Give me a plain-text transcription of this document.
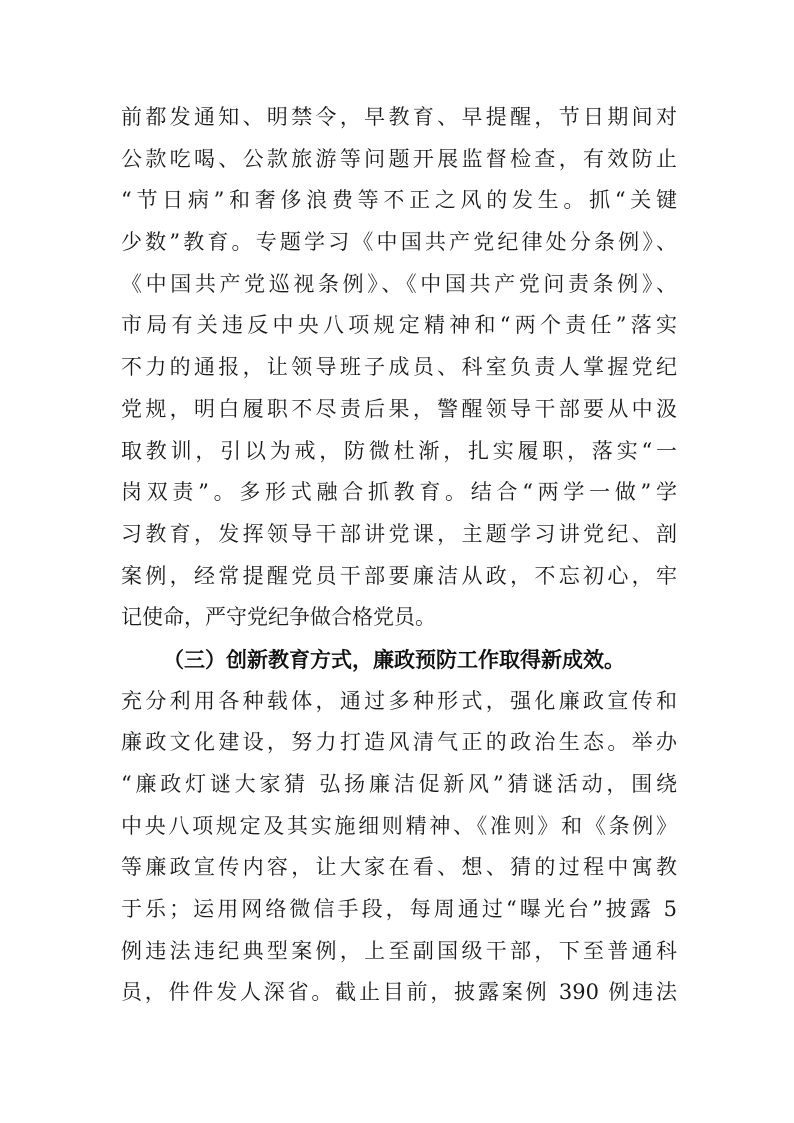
前都发通知、明禁令，早教育、早提醒，节日期间对
公款吃喝、公款旅游等问题开展监督检查，有效防止
“节日病”和奢侈浪费等不正之风的发生。抓“关键
少数”教育。专题学习《中国共产党纪律处分条例》、
《中国共产党巡视条例》、《中国共产党问责条例》、
市局有关违反中央八项规定精神和“两个责任”落实
不力的通报，让领导班子成员、科室负责人掌握党纪
党规，明白履职不尽责后果，警醒领导干部要从中汲
取教训，引以为戒，防微杜渐，扎实履职，落实“一
岗双责”。多形式融合抓教育。结合“两学一做”学
习教育，发挥领导干部讲党课，主题学习讲党纪、剖
案例，经常提醒党员干部要廉洁从政，不忘初心，牢
记使命，严守党纪争做合格党员。
（三）创新教育方式，廉政预防工作取得新成效。
充分利用各种载体，通过多种形式，强化廉政宣传和
廉政文化建设，努力打造风清气正的政治生态。举办
“廉政灯谜大家猜 弘扬廉洁促新风”猜谜活动，围绕
中央八项规定及其实施细则精神、《准则》和《条例》
等廉政宣传内容，让大家在看、想、猜的过程中寓教
于乐；运用网络微信手段，每周通过“曝光台”披露 5
例违法违纪典型案例，上至副国级干部，下至普通科
员，件件发人深省。截止目前，披露案例 390 例违法
